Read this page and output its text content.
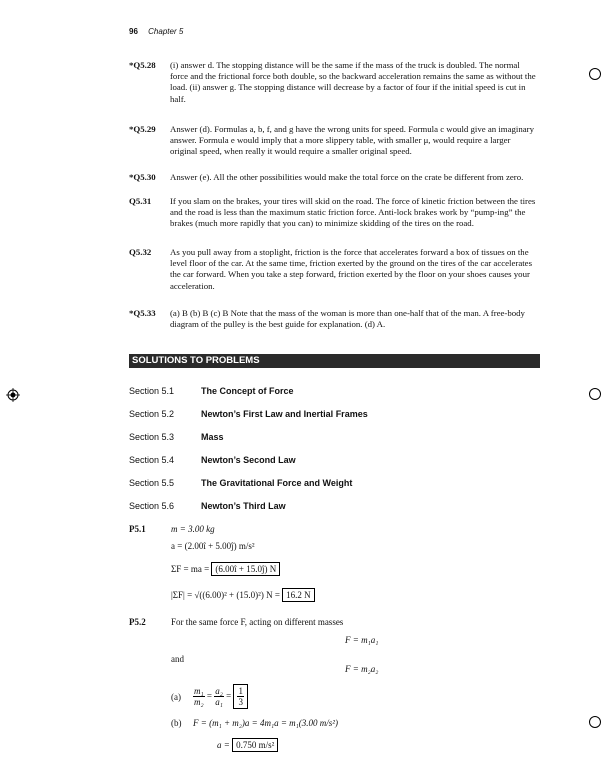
96 Chapter 5
*Q5.28 (i) answer d. The stopping distance will be the same if the mass of the truck is doubled. The normal force and the frictional force both double, so the backward acceleration remains the same as without the load. (ii) answer g. The stopping distance will decrease by a factor of four if the initial speed is cut in half.
*Q5.29 Answer (d). Formulas a, b, f, and g have the wrong units for speed. Formula c would give an imaginary answer. Formula e would imply that a more slippery table, with smaller μ, would require a larger original speed, when really it would require a smaller original speed.
*Q5.30 Answer (e). All the other possibilities would make the total force on the crate be different from zero.
Q5.31 If you slam on the brakes, your tires will skid on the road. The force of kinetic friction between the tires and the road is less than the maximum static friction force. Anti-lock brakes work by “pump-ing” the brakes (much more rapidly that you can) to minimize skidding of the tires on the road.
Q5.32 As you pull away from a stoplight, friction is the force that accelerates forward a box of tissues on the level floor of the car. At the same time, friction exerted by the ground on the tires of the car accelerates the car forward. When you take a step forward, friction exerted by the floor on your shoes causes your acceleration.
*Q5.33 (a) B (b) B (c) B Note that the mass of the woman is more than one-half that of the man. A free-body diagram of the pulley is the best guide for explanation. (d) A.
SOLUTIONS TO PROBLEMS
Section 5.1	The Concept of Force
Section 5.2	Newton’s First Law and Inertial Frames
Section 5.3	Mass
Section 5.4	Newton’s Second Law
Section 5.5	The Gravitational Force and Weight
Section 5.6	Newton’s Third Law
P5.1	m = 3.00 kg
a = (2.00î + 5.00ĵ) m/s²
ΣF = ma = (6.00î + 15.0ĵ) N
|ΣF| = √((6.00)² + (15.0)²) N = 16.2 N
P5.2	For the same force F, acting on different masses
F = m₁a₁
and
F = m₂a₂
$(a) \frac{\text{m₁}}{\text{m₂}} = \frac{\text{a₂}}{\text{a₁}} = \frac{1}{3}$
(b) F = (m₁ + m₂)a = 4m₁a = m₁(3.00 m/s²)
a = 0.750 m/s²
